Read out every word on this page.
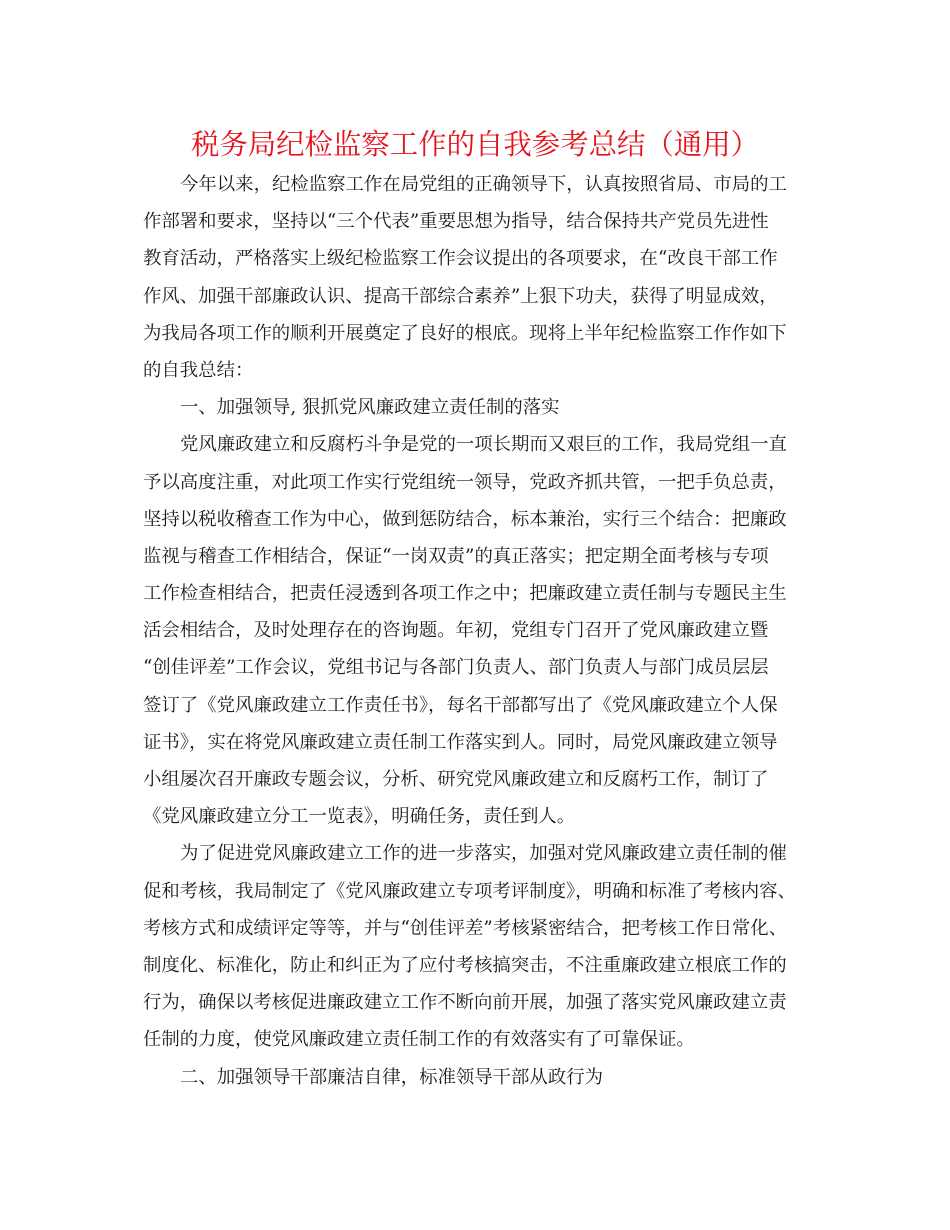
税务局纪检监察工作的自我参考总结（通用）
今年以来，纪检监察工作在局党组的正确领导下，认真按照省局、市局的工
作部署和要求，坚持以“三个代表”重要思想为指导，结合保持共产党员先进性
教育活动，严格落实上级纪检监察工作会议提出的各项要求，在“改良干部工作
作风、加强干部廉政认识、提高干部综合素养”上狠下功夫，获得了明显成效，
为我局各项工作的顺利开展奠定了良好的根底。现将上半年纪检监察工作作如下
的自我总结：
一、加强领导, 狠抓党风廉政建立责任制的落实
党风廉政建立和反腐朽斗争是党的一项长期而又艰巨的工作，我局党组一直
予以高度注重，对此项工作实行党组统一领导，党政齐抓共管，一把手负总责，
坚持以税收稽查工作为中心，做到惩防结合，标本兼治，实行三个结合：把廉政
监视与稽查工作相结合，保证“一岗双责”的真正落实；把定期全面考核与专项
工作检查相结合，把责任浸透到各项工作之中；把廉政建立责任制与专题民主生
活会相结合，及时处理存在的咨询题。年初，党组专门召开了党风廉政建立暨
“创佳评差”工作会议，党组书记与各部门负责人、部门负责人与部门成员层层
签订了《党风廉政建立工作责任书》，每名干部都写出了《党风廉政建立个人保
证书》，实在将党风廉政建立责任制工作落实到人。同时，局党风廉政建立领导
小组屡次召开廉政专题会议，分析、研究党风廉政建立和反腐朽工作，制订了
《党风廉政建立分工一览表》，明确任务，责任到人。
为了促进党风廉政建立工作的进一步落实，加强对党风廉政建立责任制的催
促和考核，我局制定了《党风廉政建立专项考评制度》，明确和标准了考核内容、
考核方式和成绩评定等等，并与“创佳评差”考核紧密结合，把考核工作日常化、
制度化、标准化，防止和纠正为了应付考核搞突击，不注重廉政建立根底工作的
行为，确保以考核促进廉政建立工作不断向前开展，加强了落实党风廉政建立责
任制的力度，使党风廉政建立责任制工作的有效落实有了可靠保证。
二、加强领导干部廉洁自律，标准领导干部从政行为
